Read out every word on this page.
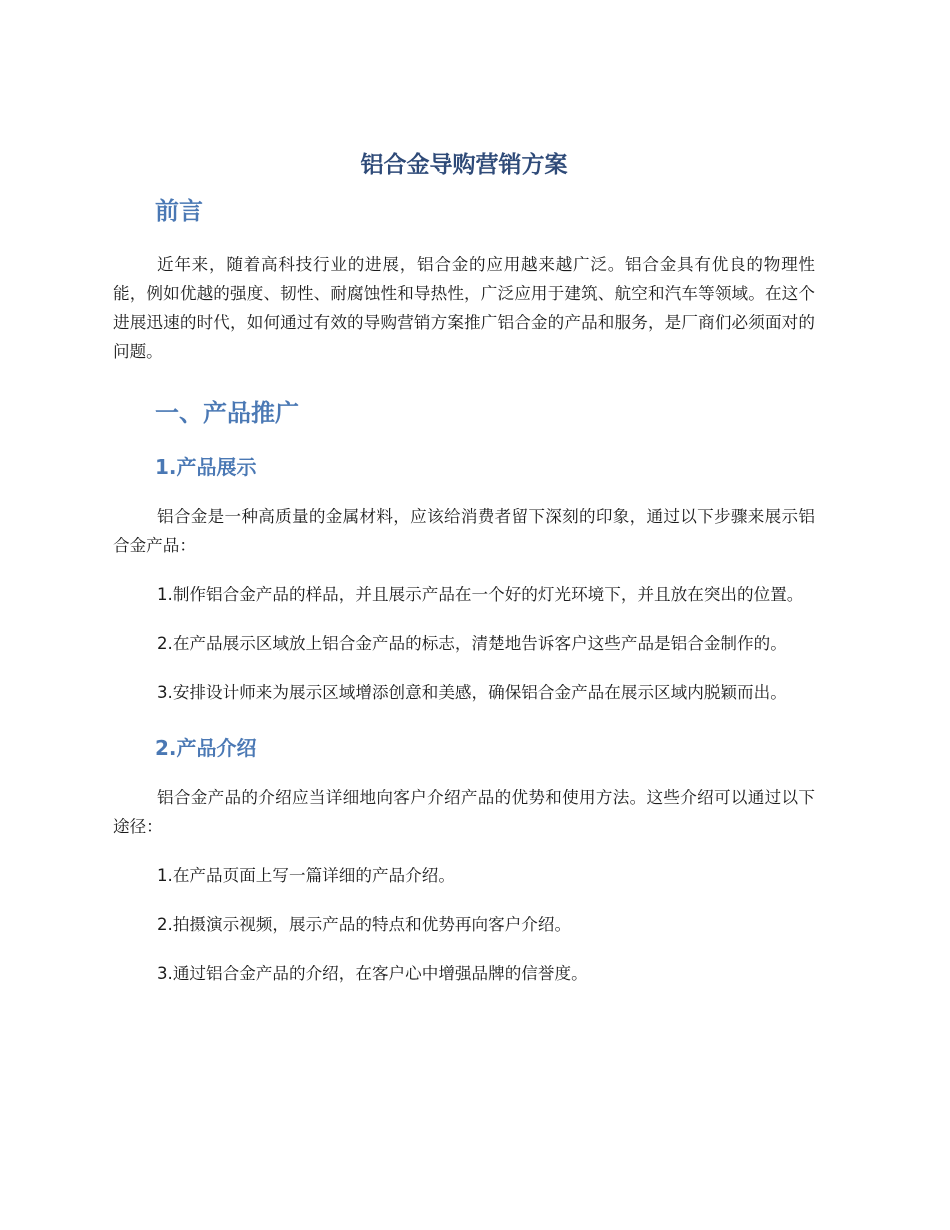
铝合金导购营销方案
前言

近年来，随着高科技行业的进展，铝合金的应用越来越广泛。铝合金具有优良的物理性能，例如优越的强度、韧性、耐腐蚀性和导热性，广泛应用于建筑、航空和汽车等领域。在这个进展迅速的时代，如何通过有效的导购营销方案推广铝合金的产品和服务，是厂商们必须面对的问题。

一、产品推广
1.产品展示

铝合金是一种高质量的金属材料，应该给消费者留下深刻的印象，通过以下步骤来展示铝合金产品：

1.制作铝合金产品的样品，并且展示产品在一个好的灯光环境下，并且放在突出的位置。

2.在产品展示区域放上铝合金产品的标志，清楚地告诉客户这些产品是铝合金制作的。

3.安排设计师来为展示区域增添创意和美感，确保铝合金产品在展示区域内脱颖而出。

2.产品介绍

铝合金产品的介绍应当详细地向客户介绍产品的优势和使用方法。这些介绍可以通过以下途径：

1.在产品页面上写一篇详细的产品介绍。

2.拍摄演示视频，展示产品的特点和优势再向客户介绍。

3.通过铝合金产品的介绍，在客户心中增强品牌的信誉度。
